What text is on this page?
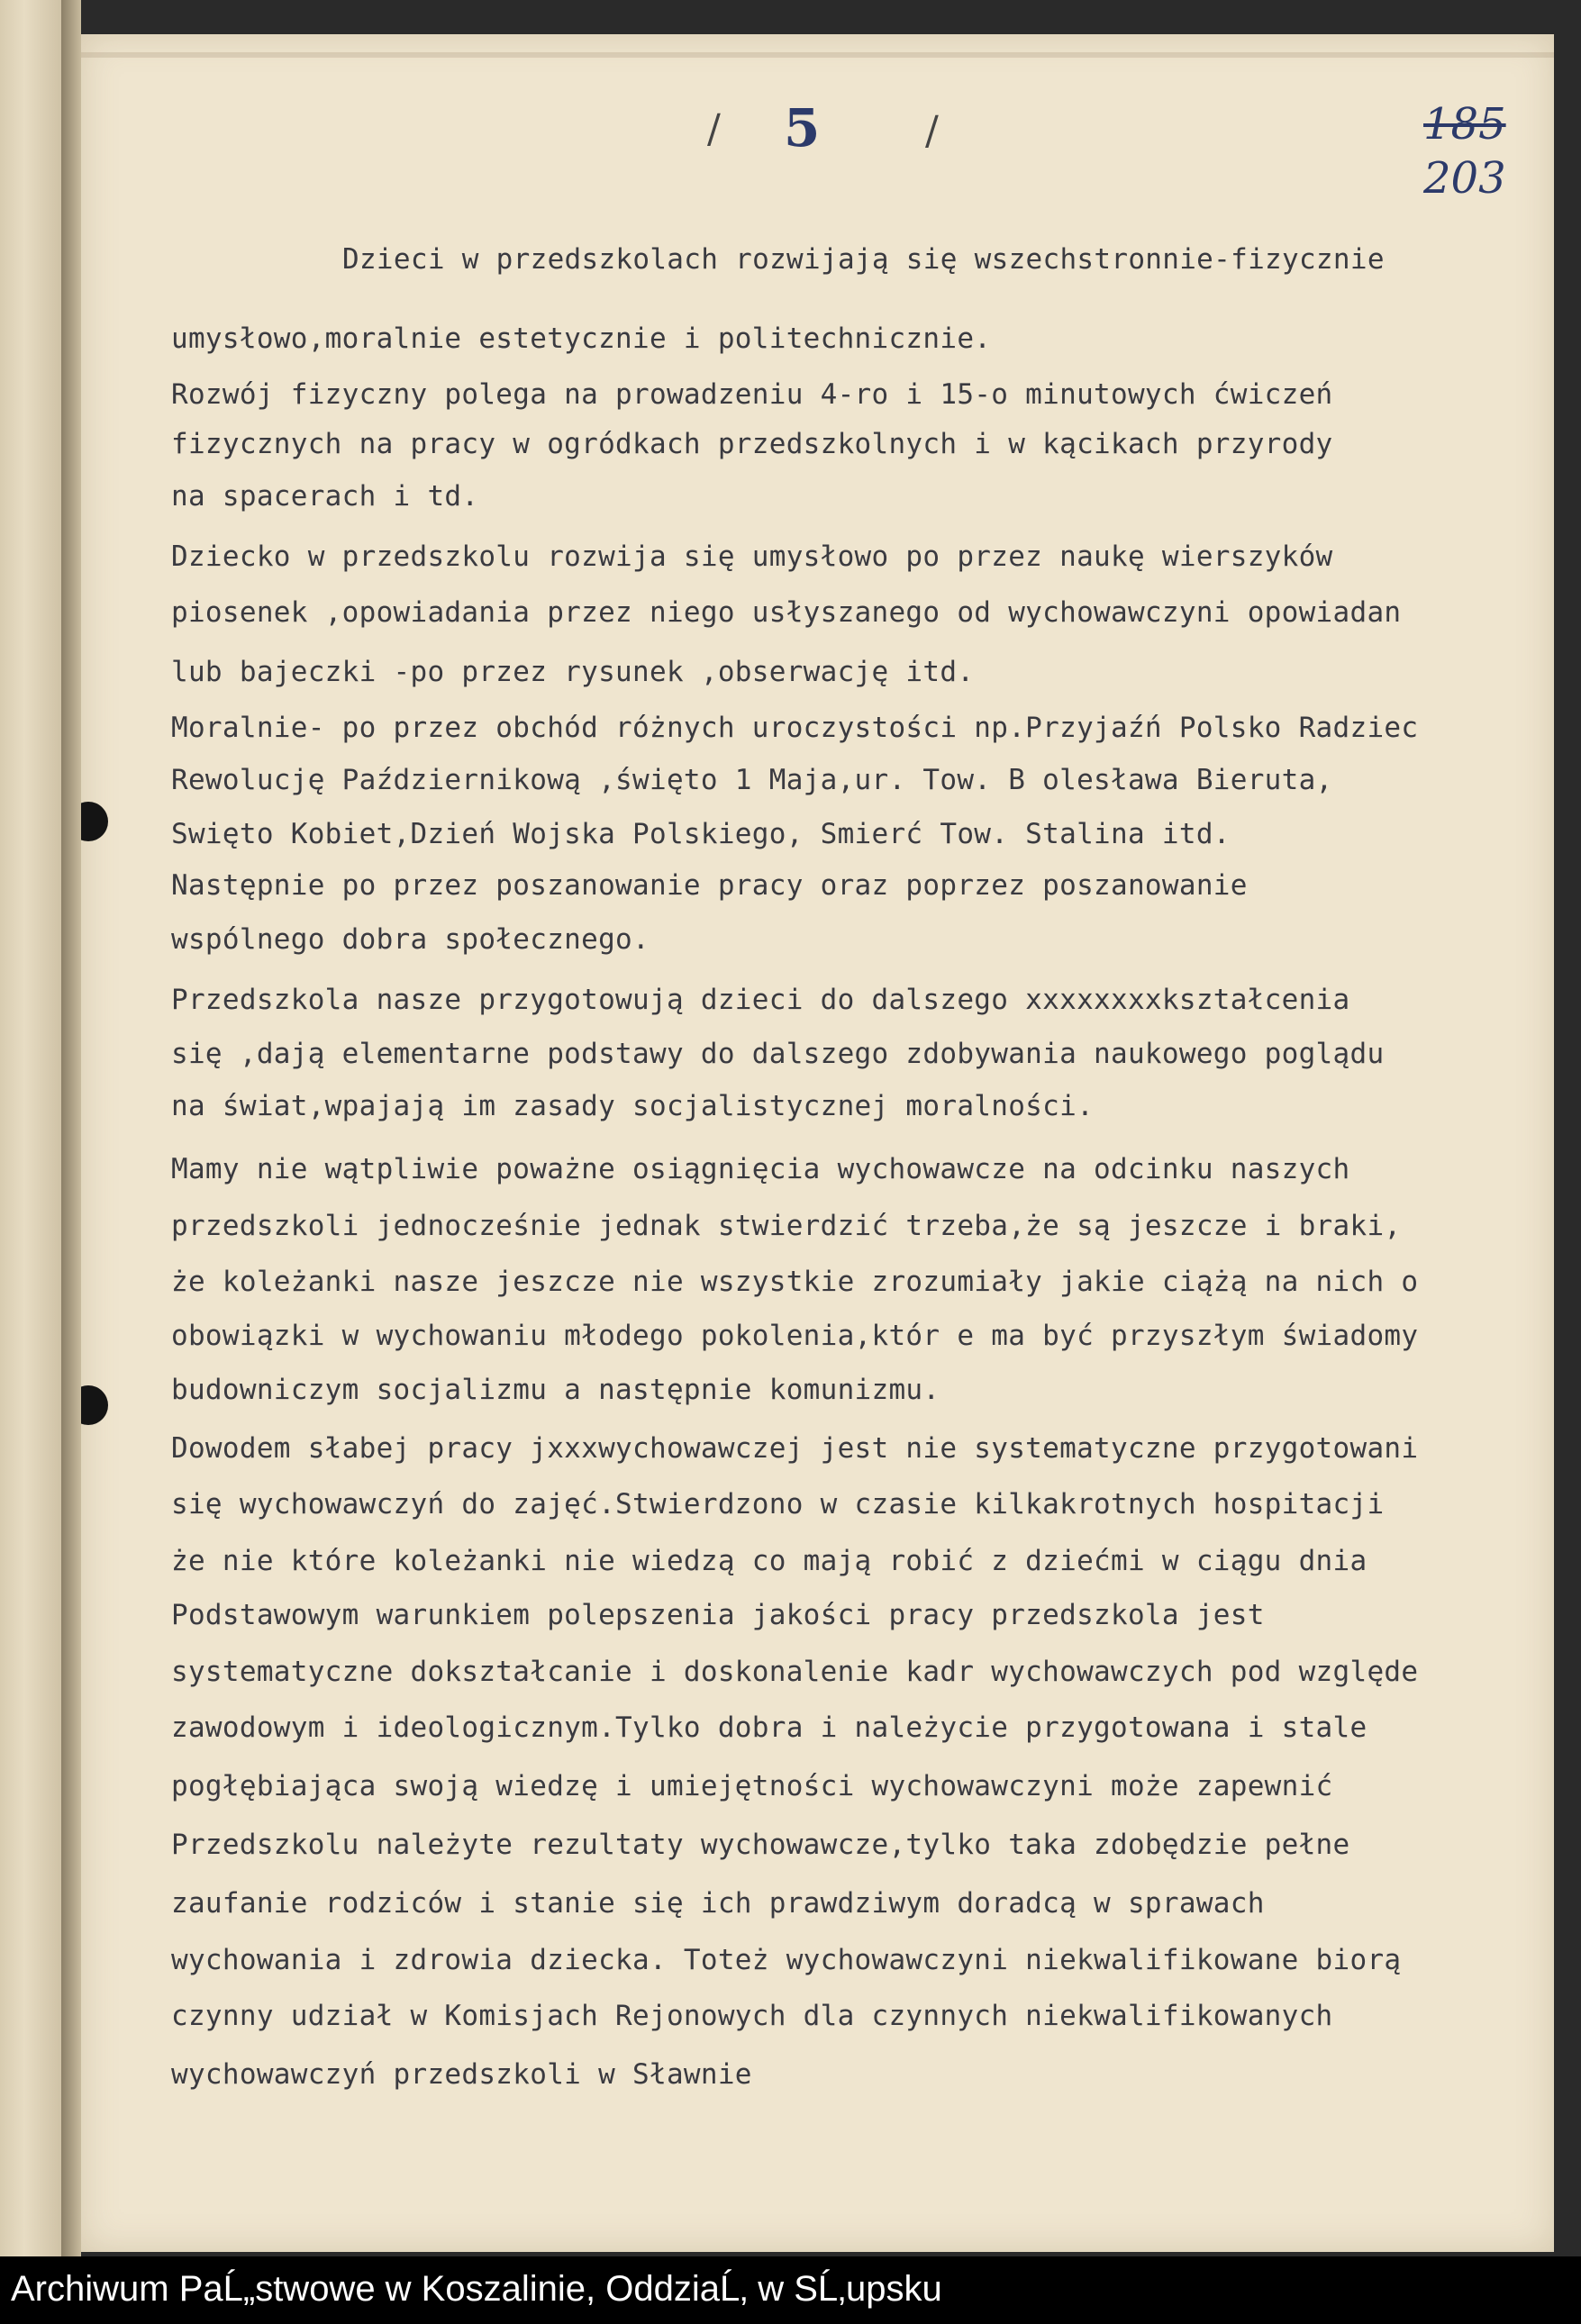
/ 5	/	185

203

Dzieci w przedszkolach rozwijają się wszechstronnie-fizycznie

umysłowo,moralnie estetycznie i politechnicznie.

Rozwój fizyczny polega na prowadzeniu 4-ro i 15-o minutowych ćwiczeń

fizycznych na pracy w ogródkach przedszkolnych i w kącikach przyrody

na spacerach i td.

Dziecko w przedszkolu rozwija się umysłowo po przez naukę wierszyków

piosenek ,opowiadania przez niego usłyszanego od wychowawczyni opowiadan

lub bajeczki -po przez rysunek ,obserwację itd.

Moralnie- po przez obchód różnych uroczystości np.Przyjaźń Polsko Radziec

Rewolucję Październikową ,święto 1 Maja,ur. Tow. B olesława Bieruta,

Swięto Kobiet,Dzień Wojska Polskiego, Smierć Tow. Stalina itd.

Następnie po przez poszanowanie pracy oraz poprzez poszanowanie

wspólnego dobra społecznego.

Przedszkola nasze przygotowują dzieci do dalszego xxxxxxxxkształcenia

się ,dają elementarne podstawy do dalszego zdobywania naukowego poglądu

na świat,wpajają im zasady socjalistycznej moralności.

Mamy nie wątpliwie poważne osiągnięcia wychowawcze na odcinku naszych

przedszkoli jednocześnie jednak stwierdzić trzeba,że są jeszcze i braki,

że koleżanki nasze jeszcze nie wszystkie zrozumiały jakie ciążą na nich o

obowiązki w wychowaniu młodego pokolenia,któr e ma być przyszłym świadomy

budowniczym socjalizmu a następnie komunizmu.

Dowodem słabej pracy jxxxwychowawczej jest nie systematyczne przygotowani

się wychowawczyń do zajęć.Stwierdzono w czasie kilkakrotnych hospitacji

że nie które koleżanki nie wiedzą co mają robić z dziećmi w ciągu dnia

Podstawowym warunkiem polepszenia jakości pracy przedszkola jest

systematyczne dokształcanie i doskonalenie kadr wychowawczych pod względe

zawodowym i ideologicznym.Tylko dobra i należycie przygotowana i stale

pogłębiająca swoją wiedzę i umiejętności wychowawczyni może zapewnić

Przedszkolu należyte rezultaty wychowawcze,tylko taka zdobędzie pełne

zaufanie rodziców i stanie się ich prawdziwym doradcą w sprawach

wychowania i zdrowia dziecka. Toteż wychowawczyni niekwalifikowane biorą

czynny udział w Komisjach Rejonowych dla czynnych niekwalifikowanych

wychowawczyń przedszkoli w Sławnie

Archiwum PaĹ„stwowe w Koszalinie, OddziaĹ‚ w SĹ‚upsku
